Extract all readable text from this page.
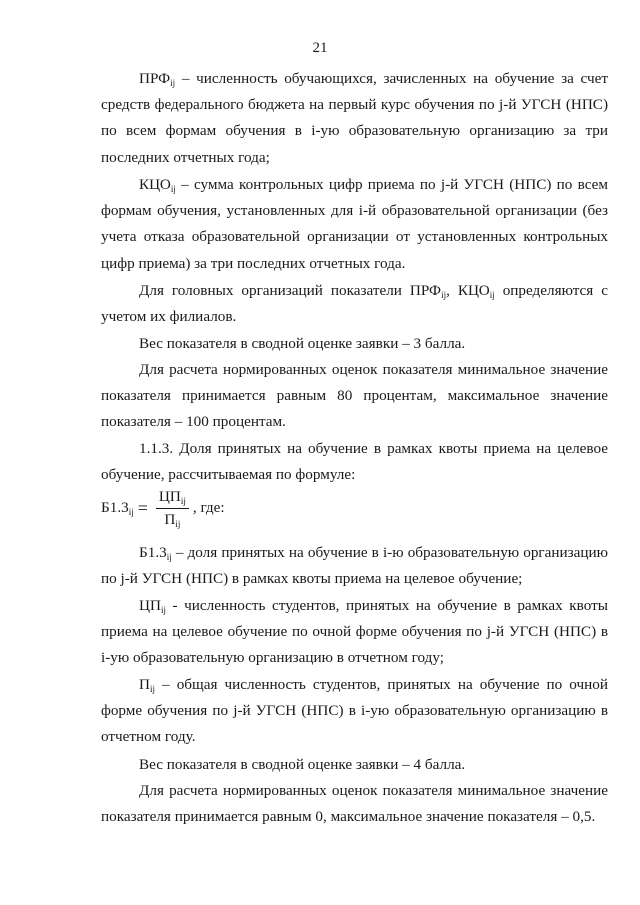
21

$ПРФ_{ij}$ – численность обучающихся, зачисленных на обучение за счет средств федерального бюджета на первый курс обучения по j-й УГСН (НПС) по всем формам обучения в i-ую образовательную организацию за три последних отчетных года;

$КЦО_{ij}$ – сумма контрольных цифр приема по j-й УГСН (НПС) по всем формам обучения, установленных для i-й образовательной организации (без учета отказа образовательной организации от установленных контрольных цифр приема) за три последних отчетных года.

Для головных организаций показатели $ПРФ_{ij}$, $КЦО_{ij}$ определяются с учетом их филиалов.

Вес показателя в сводной оценке заявки – 3 балла.

Для расчета нормированных оценок показателя минимальное значение показателя принимается равным 80 процентам, максимальное значение показателя – 100 процентам.

1.1.3. Доля принятых на обучение в рамках квоты приема на целевое обучение, рассчитываемая по формуле:

$Б1.3_{ij} = \frac{ЦП_{ij}}{П_{ij}}$ , где:

$Б1.3_{ij}$ – доля принятых на обучение в i-ю образовательную организацию по j-й УГСН (НПС) в рамках квоты приема на целевое обучение;

$ЦП_{ij}$ - численность студентов, принятых на обучение в рамках квоты приема на целевое обучение по очной форме обучения по j-й УГСН (НПС) в i-ую образовательную организацию в отчетном году;

$П_{ij}$ – общая численность студентов, принятых на обучение по очной форме обучения по j-й УГСН (НПС) в i-ую образовательную организацию в отчетном году.

Вес показателя в сводной оценке заявки – 4 балла.

Для расчета нормированных оценок показателя минимальное значение показателя принимается равным 0, максимальное значение показателя – 0,5.
